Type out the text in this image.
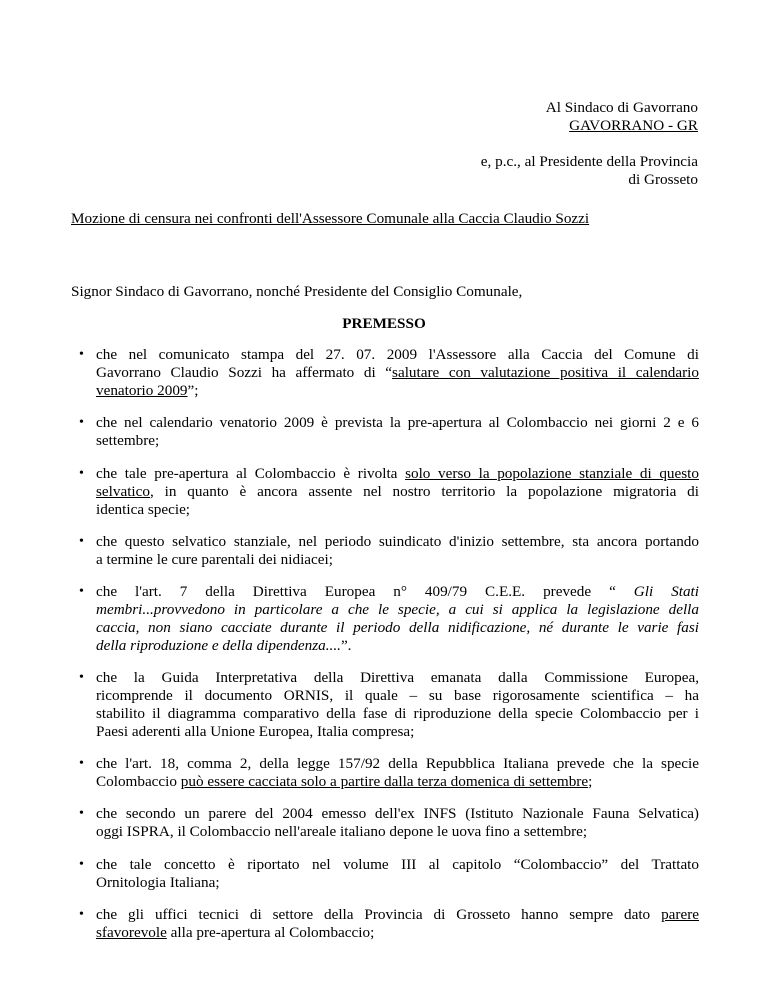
Al Sindaco di Gavorrano
GAVORRANO - GR
e, p.c., al Presidente della Provincia
di Grosseto
Mozione di censura nei confronti dell'Assessore Comunale alla Caccia Claudio Sozzi
Signor Sindaco di Gavorrano, nonché Presidente del Consiglio Comunale,
PREMESSO
• che nel comunicato stampa del 27. 07. 2009 l'Assessore alla Caccia del Comune di
Gavorrano Claudio Sozzi ha affermato di “salutare con valutazione positiva il calendario
venatorio 2009”;
• che nel calendario venatorio 2009 è prevista la pre-apertura al Colombaccio nei giorni 2 e 6
settembre;
• che tale pre-apertura al Colombaccio è rivolta solo verso la popolazione stanziale di questo
selvatico, in quanto è ancora assente nel nostro territorio la popolazione migratoria di
identica specie;
• che questo selvatico stanziale, nel periodo suindicato d'inizio settembre, sta ancora portando
a termine le cure parentali dei nidiacei;
• che l'art. 7 della Direttiva Europea n° 409/79 C.E.E. prevede “ Gli Stati
membri...provvedono in particolare a che le specie, a cui si applica la legislazione della
caccia, non siano cacciate durante il periodo della nidificazione, né durante le varie fasi
della riproduzione e della dipendenza....”.
• che la Guida Interpretativa della Direttiva emanata dalla Commissione Europea,
ricomprende il documento ORNIS, il quale – su base rigorosamente scientifica – ha
stabilito il diagramma comparativo della fase di riproduzione della specie Colombaccio per i
Paesi aderenti alla Unione Europea, Italia compresa;
• che l'art. 18, comma 2, della legge 157/92 della Repubblica Italiana prevede che la specie
Colombaccio può essere cacciata solo a partire dalla terza domenica di settembre;
• che secondo un parere del 2004 emesso dell'ex INFS (Istituto Nazionale Fauna Selvatica)
oggi ISPRA, il Colombaccio nell'areale italiano depone le uova fino a settembre;
• che tale concetto è riportato nel volume III al capitolo “Colombaccio” del Trattato
Ornitologia Italiana;
• che gli uffici tecnici di settore della Provincia di Grosseto hanno sempre dato parere
sfavorevole alla pre-apertura al Colombaccio;
